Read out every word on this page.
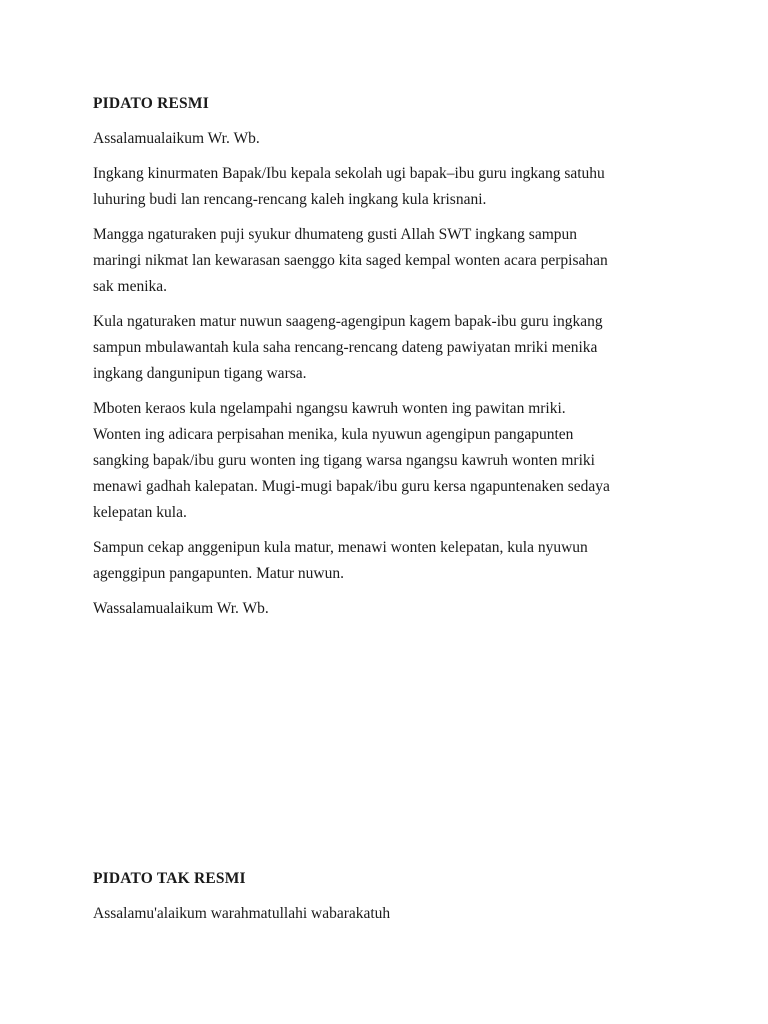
PIDATO RESMI

Assalamualaikum Wr. Wb.

Ingkang kinurmaten Bapak/Ibu kepala sekolah ugi bapak–ibu guru ingkang satuhu
luhuring budi lan rencang-rencang kaleh ingkang kula krisnani.

Mangga ngaturaken puji syukur dhumateng gusti Allah SWT ingkang sampun
maringi nikmat lan kewarasan saenggo kita saged kempal wonten acara perpisahan
sak menika.

Kula ngaturaken matur nuwun saageng-agengipun kagem bapak-ibu guru ingkang
sampun mbulawantah kula saha rencang-rencang dateng pawiyatan mriki menika
ingkang dangunipun tigang warsa.

Mboten keraos kula ngelampahi ngangsu kawruh wonten ing pawitan mriki.
Wonten ing adicara perpisahan menika, kula nyuwun agengipun pangapunten
sangking bapak/ibu guru wonten ing tigang warsa ngangsu kawruh wonten mriki
menawi gadhah kalepatan. Mugi-mugi bapak/ibu guru kersa ngapuntenaken sedaya
kelepatan kula.

Sampun cekap anggenipun kula matur, menawi wonten kelepatan, kula nyuwun
agenggipun pangapunten. Matur nuwun.

Wassalamualaikum Wr. Wb.

PIDATO TAK RESMI

Assalamu'alaikum warahmatullahi wabarakatuh
